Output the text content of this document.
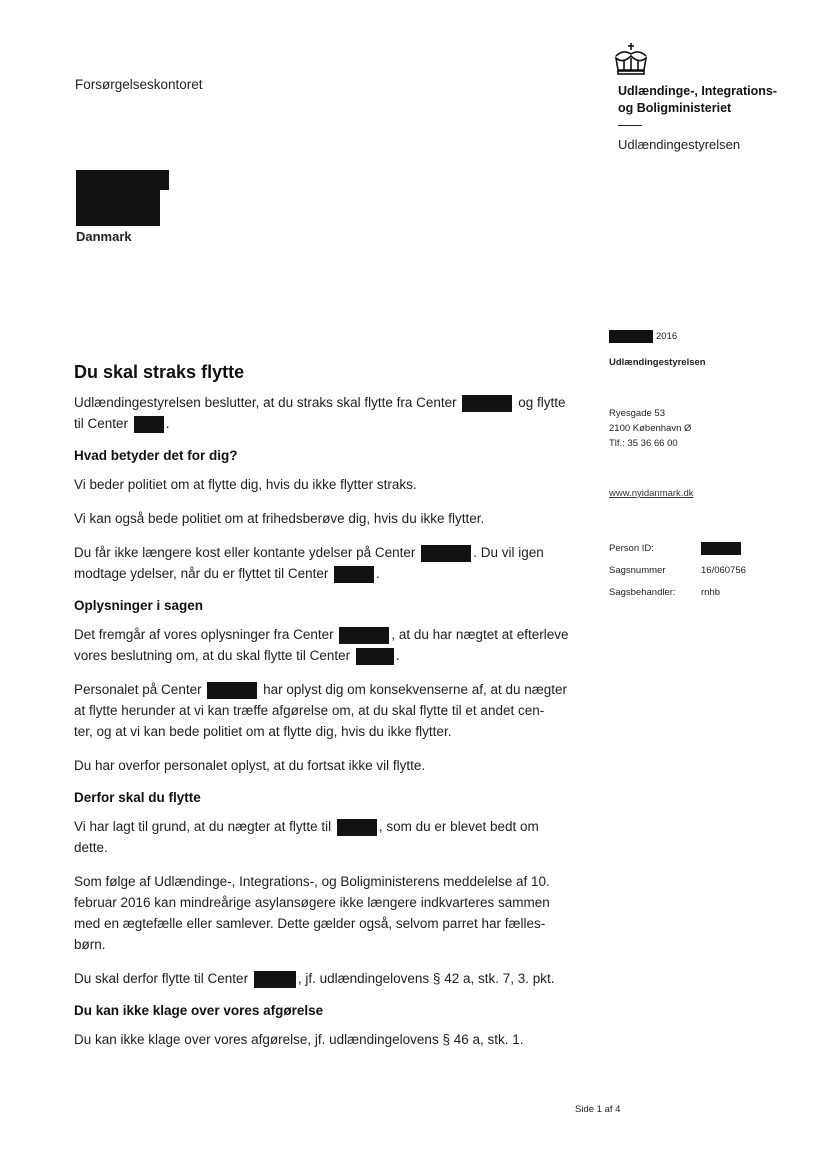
Forsørgelseskontoret	Udlændinge-, Integrations-
og Boligministeriet
Udlændingestyrelsen
Danmark
2016
Udlændingestyrelsen
Ryesgade 53
2100 København Ø
Tlf.: 35 36 66 00
www.nyidanmark.dk
Person ID:
Sagsnummer	16/060756
Sagsbehandler:	rnhb
Du skal straks flytte

Udlændingestyrelsen beslutter, at du straks skal flytte fra Center	og flytte
til Center	.

Hvad betyder det for dig?

Vi beder politiet om at flytte dig, hvis du ikke flytter straks.

Vi kan også bede politiet om at frihedsberøve dig, hvis du ikke flytter.

Du får ikke længere kost eller kontante ydelser på Center	. Du vil igen
modtage ydelser, når du er flyttet til Center	.

Oplysninger i sagen

Det fremgår af vores oplysninger fra Center	, at du har nægtet at efterleve
vores beslutning om, at du skal flytte til Center	.

Personalet på Center	har oplyst dig om konsekvenserne af, at du nægter
at flytte herunder at vi kan træffe afgørelse om, at du skal flytte til et andet cen-
ter, og at vi kan bede politiet om at flytte dig, hvis du ikke flytter.

Du har overfor personalet oplyst, at du fortsat ikke vil flytte.

Derfor skal du flytte

Vi har lagt til grund, at du nægter at flytte til	, som du er blevet bedt om
dette.

Som følge af Udlændinge-, Integrations-, og Boligministerens meddelelse af 10.
februar 2016 kan mindreårige asylansøgere ikke længere indkvarteres sammen
med en ægtefælle eller samlever. Dette gælder også, selvom parret har fælles-
børn.

Du skal derfor flytte til Center	, jf. udlændingelovens § 42 a, stk. 7, 3. pkt.

Du kan ikke klage over vores afgørelse

Du kan ikke klage over vores afgørelse, jf. udlændingelovens § 46 a, stk. 1.

Side 1 af 4
